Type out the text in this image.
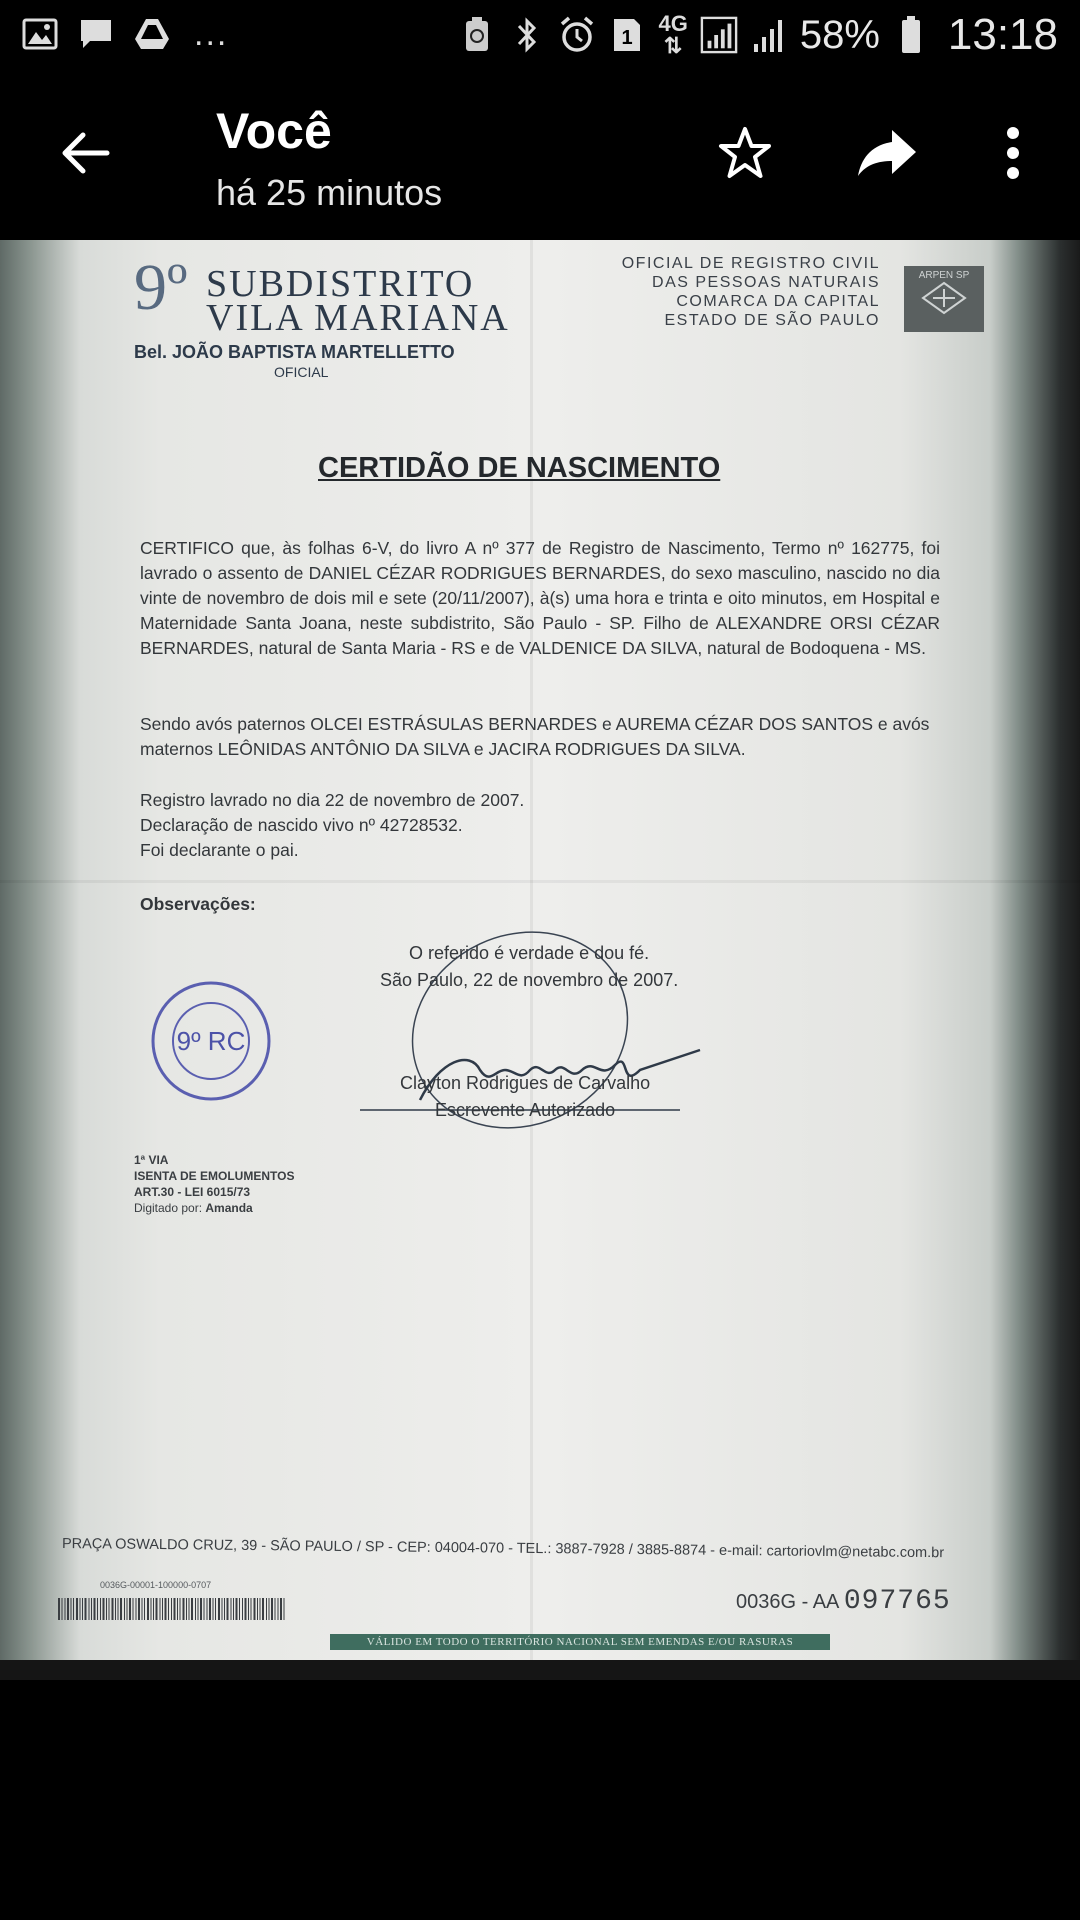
...	1
4G
⇅	58% 13:18
Você
há 25 minutos
9º SUBDISTRITO
VILA MARIANA
Bel. JOÃO BAPTISTA MARTELLETTO
OFICIAL
OFICIAL DE REGISTRO CIVIL
DAS PESSOAS NATURAIS
COMARCA DA CAPITAL
ESTADO DE SÃO PAULO
ARPEN SP
CERTIDÃO DE NASCIMENTO
CERTIFICO que, às folhas 6-V, do livro A nº 377 de Registro de Nascimento, Termo nº 162775, foi lavrado o assento de DANIEL CÉZAR RODRIGUES BERNARDES, do sexo masculino, nascido no dia vinte de novembro de dois mil e sete (20/11/2007), à(s) uma hora e trinta e oito minutos, em Hospital e Maternidade Santa Joana, neste subdistrito, São Paulo - SP. Filho de ALEXANDRE ORSI CÉZAR BERNARDES, natural de Santa Maria - RS e de VALDENICE DA SILVA, natural de Bodoquena - MS.
Sendo avós paternos OLCEI ESTRÁSULAS BERNARDES e AUREMA CÉZAR DOS SANTOS e avós maternos LEÔNIDAS ANTÔNIO DA SILVA e JACIRA RODRIGUES DA SILVA.
Registro lavrado no dia 22 de novembro de 2007.
Declaração de nascido vivo nº 42728532.
Foi declarante o pai.
Observações:
O referido é verdade e dou fé.
São Paulo, 22 de novembro de 2007.
Clayton Rodrigues de Carvalho
Escrevente Autorizado
9º RC
1ª VIA
ISENTA DE EMOLUMENTOS
ART.30 - LEI 6015/73
Digitado por: Amanda
PRAÇA OSWALDO CRUZ, 39 - SÃO PAULO / SP - CEP: 04004-070 - TEL.: 3887-7928 / 3885-8874 - e-mail: cartoriovlm@netabc.com.br
0036G-00001-100000-0707
0036G - AA 097765
VÁLIDO EM TODO O TERRITÓRIO NACIONAL SEM EMENDAS E/OU RASURAS
